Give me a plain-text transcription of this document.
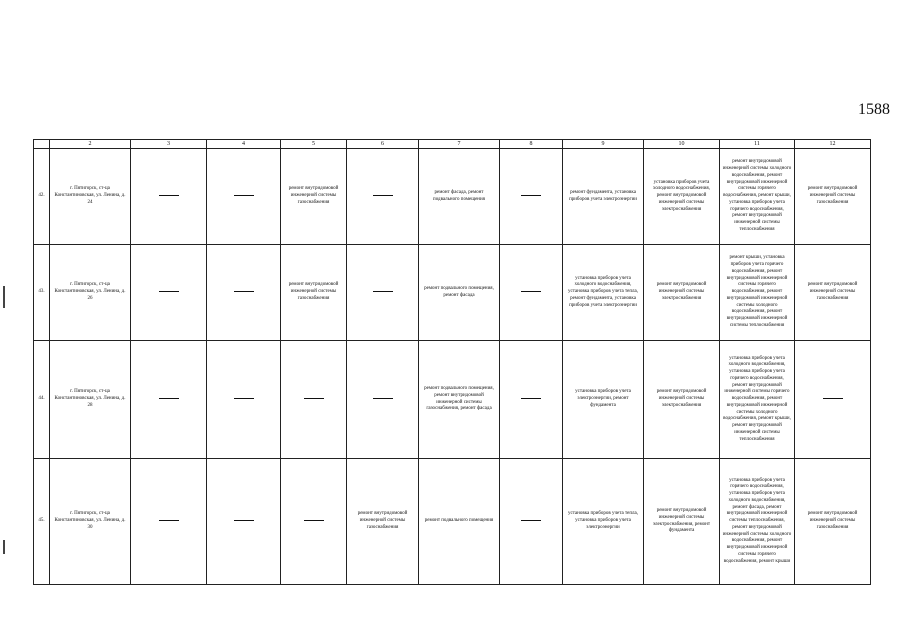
1588
	2	3	4	5	6	7	8	9	10	11	12
42.	г. Пятигорск, ст-ца Константиновская, ул. Ленина, д. 24			ремонт внутридомовой инженерной системы газоснабжения		ремонт фасада, ремонт подвального помещения		ремонт фундамента, установка приборов учета электроэнергии	установка приборов учета холодного водоснабжения, ремонт внутридомовой инженерной системы электроснабжения	ремонт внутридомовой инженерной системы холодного водоснабжения, ремонт внутридомовой инженерной системы горячего водоснабжения, ремонт крыши, установка приборов учета горячего водоснабжения, ремонт внутридомовой инженерной системы теплоснабжения	ремонт внутридомовой инженерной системы газоснабжения
43.	г. Пятигорск, ст-ца Константиновская, ул. Ленина, д. 26			ремонт внутридомовой инженерной системы газоснабжения		ремонт подвального помещения, ремонт фасада		установка приборов учета холодного водоснабжения, установка приборов учета тепла, ремонт фундамента, установка приборов учета электроэнергии	ремонт внутридомовой инженерной системы электроснабжения	ремонт крыши, установка приборов учета горячего водоснабжения, ремонт внутридомовой инженерной системы горячего водоснабжения, ремонт внутридомовой инженерной системы холодного водоснабжения, ремонт внутридомовой инженерной системы теплоснабжения	ремонт внутридомовой инженерной системы газоснабжения
44.	г. Пятигорск, ст-ца Константиновская, ул. Ленина, д. 28					ремонт подвального помещения, ремонт внутридомовой инженерной системы газоснабжения, ремонт фасада		установка приборов учета электроэнергии, ремонт фундамента	ремонт внутридомовой инженерной системы электроснабжения	установка приборов учета холодного водоснабжения, установка приборов учета горячего водоснабжения, ремонт внутридомовой инженерной системы горячего водоснабжения, ремонт внутридомовой инженерной системы холодного водоснабжения, ремонт крыши, ремонт внутридомовой инженерной системы теплоснабжения	
45.	г. Пятигорск, ст-ца Константиновская, ул. Ленина, д. 30				ремонт внутридомовой инженерной системы газоснабжения	ремонт подвального помещения		установка приборов учета тепла, установка приборов учета электроэнергии	ремонт внутридомовой инженерной системы электроснабжения, ремонт фундамента	установка приборов учета горячего водоснабжения, установка приборов учета холодного водоснабжения, ремонт фасада, ремонт внутридомовой инженерной системы теплоснабжения, ремонт внутридомовой инженерной системы холодного водоснабжения, ремонт внутридомовой инженерной системы горячего водоснабжения, ремонт крыши	ремонт внутридомовой инженерной системы газоснабжения
